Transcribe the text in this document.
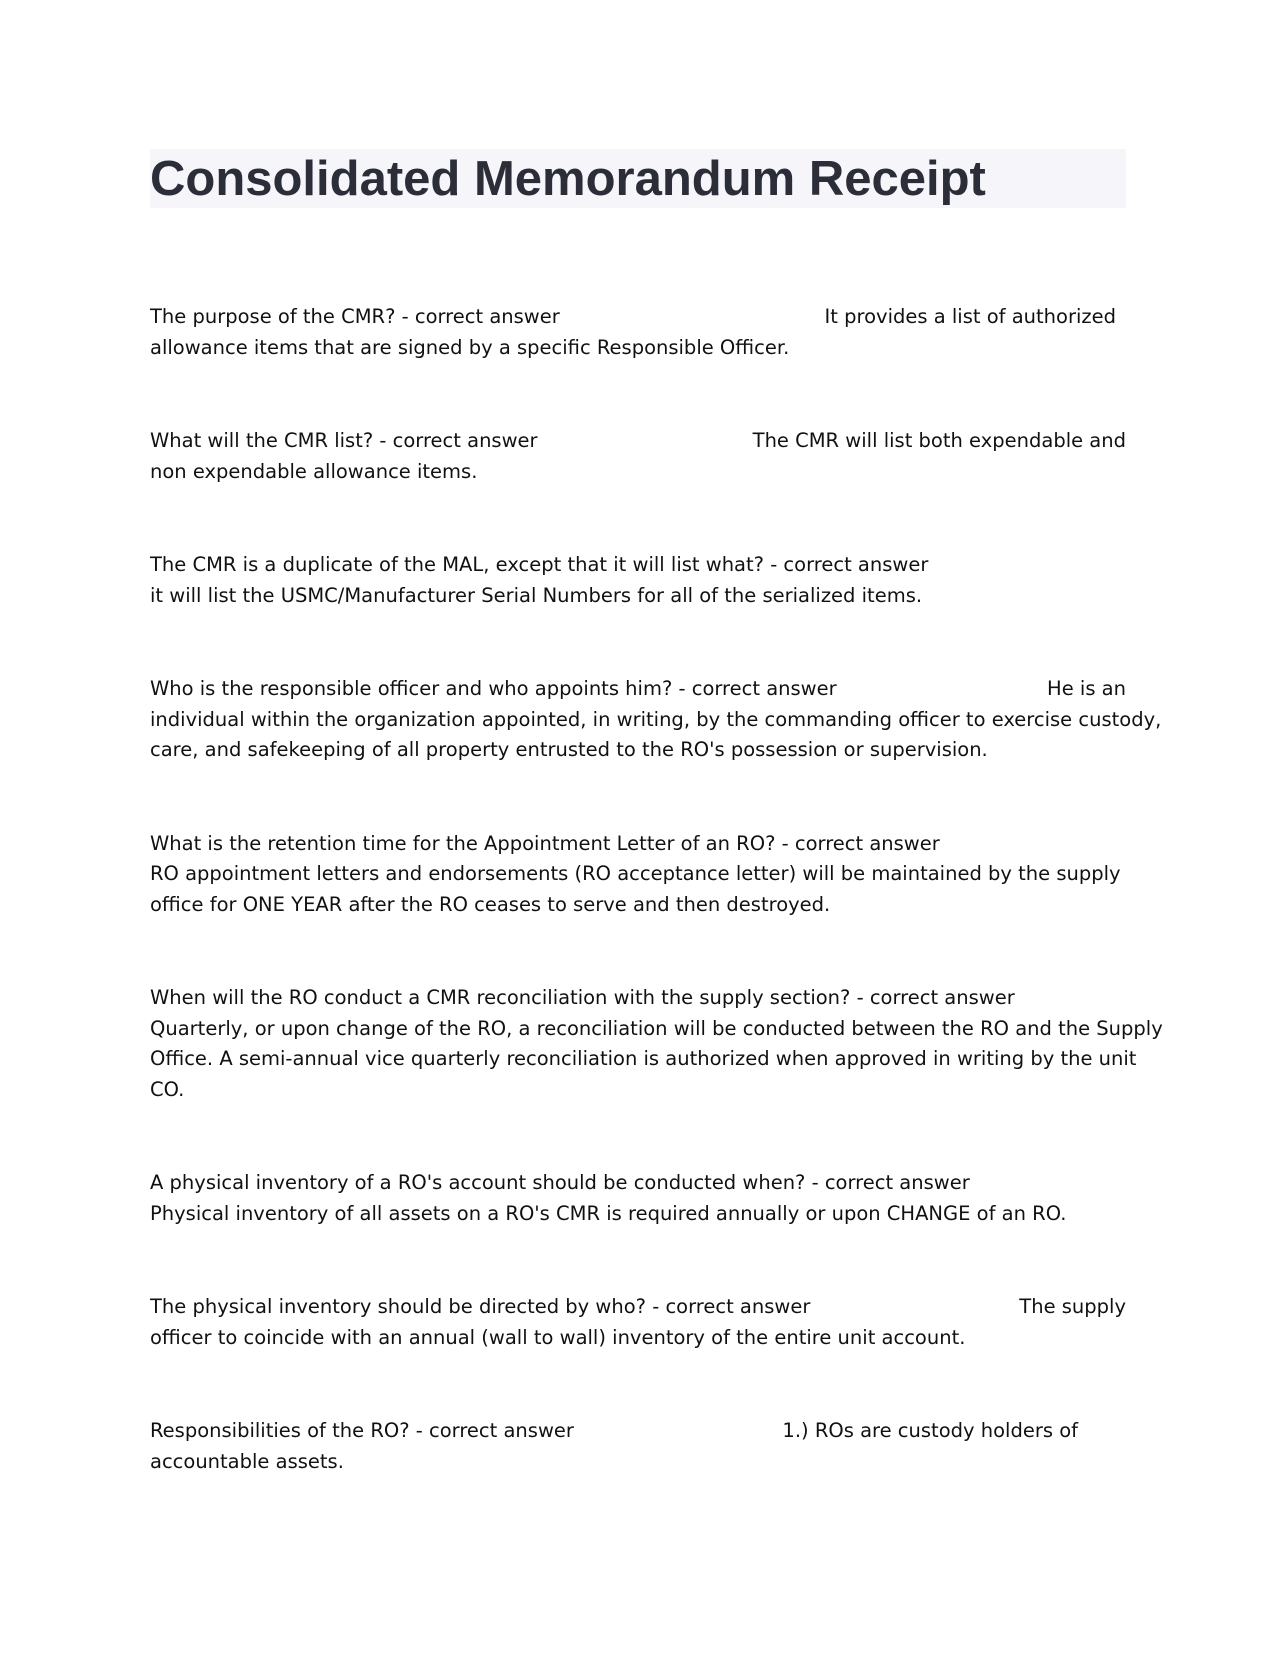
Consolidated Memorandum Receipt
The purpose of the CMR? - correct answer	It provides a list of authorized
allowance items that are signed by a specific Responsible Officer.
What will the CMR list? - correct answer	The CMR will list both expendable and
non expendable allowance items.
The CMR is a duplicate of the MAL, except that it will list what? - correct answer
it will list the USMC/Manufacturer Serial Numbers for all of the serialized items.
Who is the responsible officer and who appoints him? - correct answer	He is an
individual within the organization appointed, in writing, by the commanding officer to exercise custody,
care, and safekeeping of all property entrusted to the RO's possession or supervision.
What is the retention time for the Appointment Letter of an RO? - correct answer
RO appointment letters and endorsements (RO acceptance letter) will be maintained by the supply
office for ONE YEAR after the RO ceases to serve and then destroyed.
When will the RO conduct a CMR reconciliation with the supply section? - correct answer
Quarterly, or upon change of the RO, a reconciliation will be conducted between the RO and the Supply
Office. A semi-annual vice quarterly reconciliation is authorized when approved in writing by the unit
CO.
A physical inventory of a RO's account should be conducted when? - correct answer
Physical inventory of all assets on a RO's CMR is required annually or upon CHANGE of an RO.
The physical inventory should be directed by who? - correct answer	The supply
officer to coincide with an annual (wall to wall) inventory of the entire unit account.
Responsibilities of the RO? - correct answer	1.) ROs are custody holders of
accountable assets.
